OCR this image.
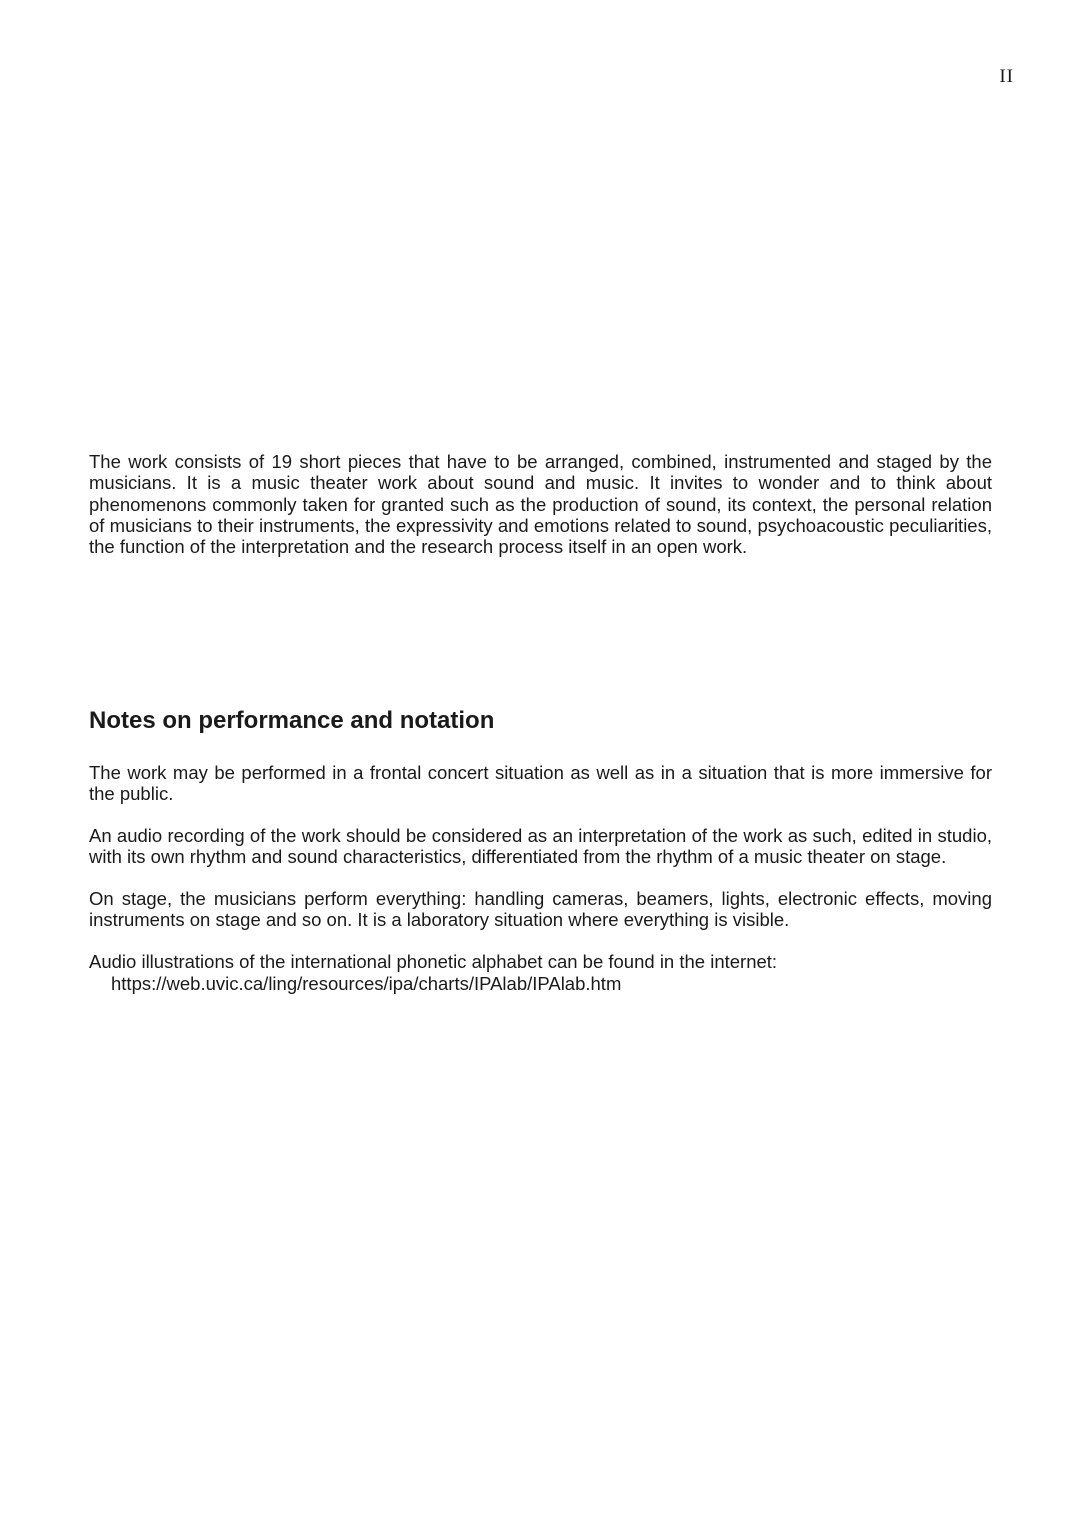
II

The work consists of 19 short pieces that have to be arranged, combined, instrumented and staged by the musicians. It is a music theater work about sound and music. It invites to wonder and to think about phenomenons commonly taken for granted such as the production of sound, its context, the personal relation of musicians to their instruments, the expressivity and emotions related to sound, psychoacoustic peculiarities, the function of the interpretation and the research process itself in an open work.

Notes on performance and notation

The work may be performed in a frontal concert situation as well as in a situation that is more immersive for the public.

An audio recording of the work should be considered as an interpretation of the work as such, edited in studio, with its own rhythm and sound characteristics, differentiated from the rhythm of a music theater on stage.

On stage, the musicians perform everything: handling cameras, beamers, lights, electronic effects, moving instruments on stage and so on. It is a laboratory situation where everything is visible.

Audio illustrations of the international phonetic alphabet can be found in the internet:
https://web.uvic.ca/ling/resources/ipa/charts/IPAlab/IPAlab.htm
